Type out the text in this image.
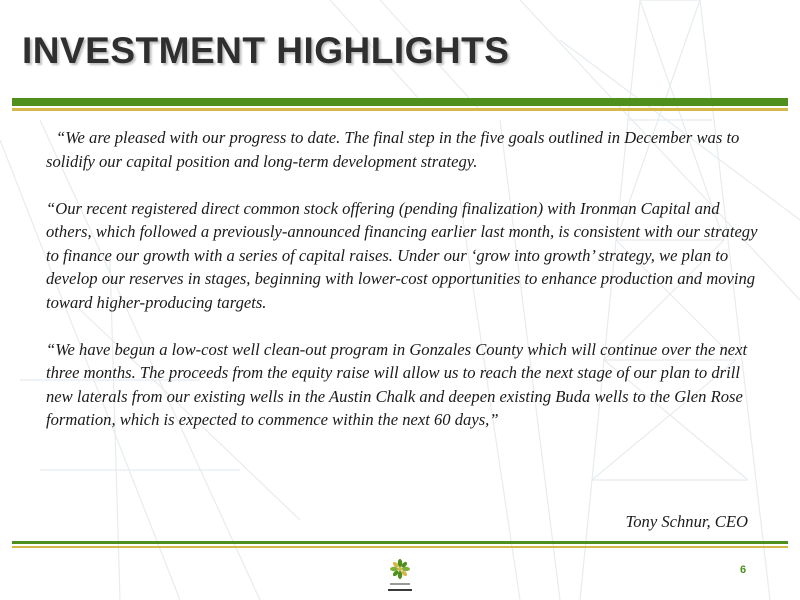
INVESTMENT HIGHLIGHTS

“We are pleased with our progress to date. The final step in the five goals outlined in December was to solidify our capital position and long-term development strategy.

“Our recent registered direct common stock offering (pending finalization) with Ironman Capital and others, which followed a previously-announced financing earlier last month, is consistent with our strategy to finance our growth with a series of capital raises. Under our ‘grow into growth’ strategy, we plan to develop our reserves in stages, beginning with lower-cost opportunities to enhance production and moving toward higher-producing targets.

“We have begun a low-cost well clean-out program in Gonzales County which will continue over the next three months. The proceeds from the equity raise will allow us to reach the next stage of our plan to drill new laterals from our existing wells in the Austin Chalk and deepen existing Buda wells to the Glen Rose formation, which is expected to commence within the next 60 days,”

Tony Schnur, CEO

6
